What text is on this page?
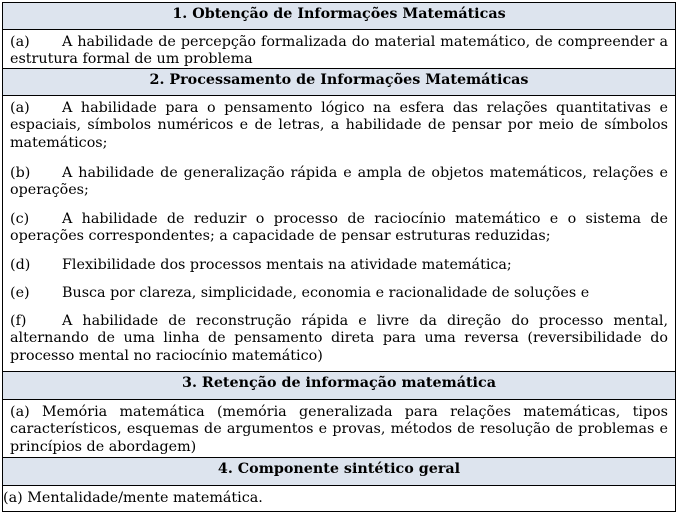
1. Obtenção de Informações Matemáticas
(a) A habilidade de percepção formalizada do material matemático, de compreender a estrutura formal de um problema
2. Processamento de Informações Matemáticas
(a) A habilidade para o pensamento lógico na esfera das relações quantitativas e espaciais, símbolos numéricos e de letras, a habilidade de pensar por meio de símbolos matemáticos;
(b) A habilidade de generalização rápida e ampla de objetos matemáticos, relações e operações;
(c) A habilidade de reduzir o processo de raciocínio matemático e o sistema de operações correspondentes; a capacidade de pensar estruturas reduzidas;
(d) Flexibilidade dos processos mentais na atividade matemática;
(e) Busca por clareza, simplicidade, economia e racionalidade de soluções e
(f) A habilidade de reconstrução rápida e livre da direção do processo mental, alternando de uma linha de pensamento direta para uma reversa (reversibilidade do processo mental no raciocínio matemático)
3. Retenção de informação matemática
(a) Memória matemática (memória generalizada para relações matemáticas, tipos característicos, esquemas de argumentos e provas, métodos de resolução de problemas e princípios de abordagem)
4. Componente sintético geral
(a) Mentalidade/mente matemática.
